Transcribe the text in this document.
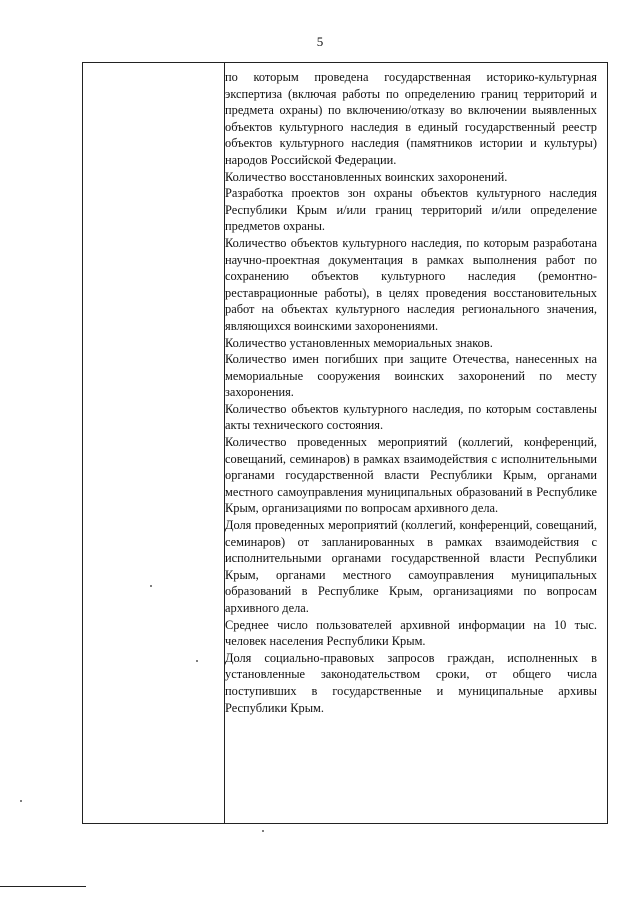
5

по которым проведена государственная историко-культурная экспертиза (включая работы по определению границ территорий и предмета охраны) по включению/отказу во включении выявленных объектов культурного наследия в единый государственный реестр объектов культурного наследия (памятников истории и культуры) народов Российской Федерации.

Количество восстановленных воинских захоронений.

Разработка проектов зон охраны объектов культурного наследия Республики Крым и/или границ территорий и/или определение предметов охраны.

Количество объектов культурного наследия, по которым разработана научно-проектная документация в рамках выполнения работ по сохранению объектов культурного наследия (ремонтно-реставрационные работы), в целях проведения восстановительных работ на объектах культурного наследия регионального значения, являющихся воинскими захоронениями.

Количество установленных мемориальных знаков.

Количество имен погибших при защите Отечества, нанесенных на мемориальные сооружения воинских захоронений по месту захоронения.

Количество объектов культурного наследия, по которым составлены акты технического состояния.

Количество проведенных мероприятий (коллегий, конференций, совещаний, семинаров) в рамках взаимодействия с исполнительными органами государственной власти Республики Крым, органами местного самоуправления муниципальных образований в Республике Крым, организациями по вопросам архивного дела.

Доля проведенных мероприятий (коллегий, конференций, совещаний, семинаров) от запланированных в рамках взаимодействия с исполнительными органами государственной власти Республики Крым, органами местного самоуправления муниципальных образований в Республике Крым, организациями по вопросам архивного дела.

Среднее число пользователей архивной информации на 10 тыс. человек населения Республики Крым.

Доля социально-правовых запросов граждан, исполненных в установленные законодательством сроки, от общего числа поступивших в государственные и муниципальные архивы Республики Крым.
